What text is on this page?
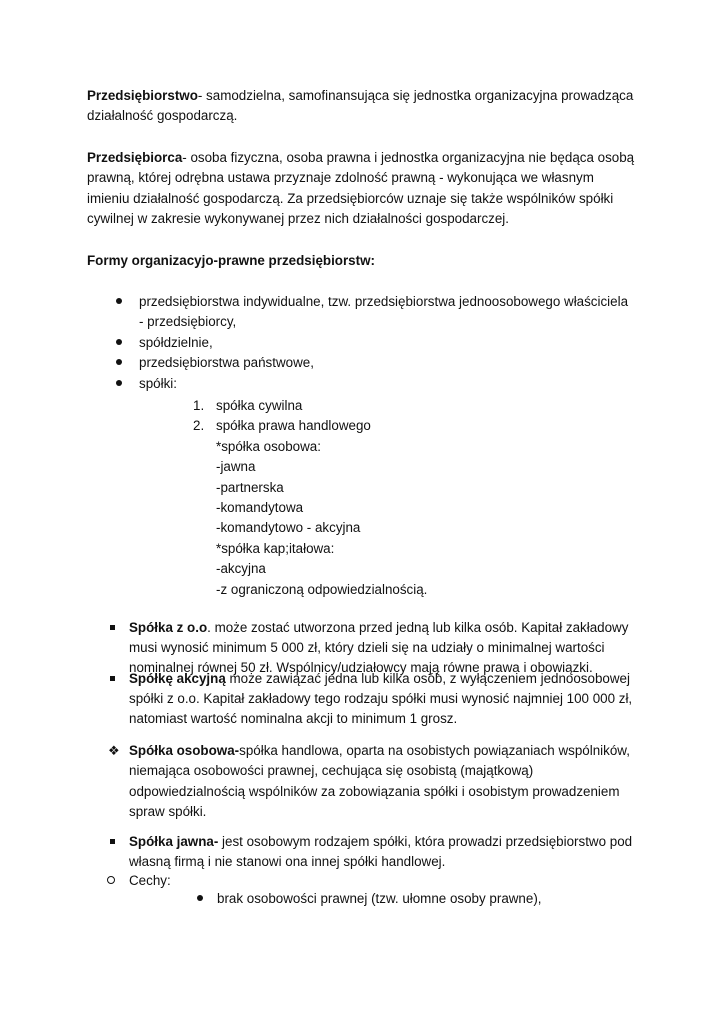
Przedsiębiorstwo- samodzielna, samofinansująca się jednostka organizacyjna prowadząca
działalność gospodarczą.
Przedsiębiorca- osoba fizyczna, osoba prawna i jednostka organizacyjna nie będąca osobą
prawną, której odrębna ustawa przyznaje zdolność prawną - wykonująca we własnym
imieniu działalność gospodarczą. Za przedsiębiorców uznaje się także wspólników spółki
cywilnej w zakresie wykonywanej przez nich działalności gospodarczej.
Formy organizacyjo-prawne przedsiębiorstw:
przedsiębiorstwa indywidualne, tzw. przedsiębiorstwa jednoosobowego właściciela
- przedsiębiorcy,
spółdzielnie,
przedsiębiorstwa państwowe,
spółki:
1. spółka cywilna
2. spółka prawa handlowego
*spółka osobowa:
-jawna
-partnerska
-komandytowa
-komandytowo - akcyjna
*spółka kap;itałowa:
-akcyjna
-z ograniczoną odpowiedzialnością.
Spółka z o.o. może zostać utworzona przed jedną lub kilka osób. Kapitał zakładowy
musi wynosić minimum 5 000 zł, który dzieli się na udziały o minimalnej wartości
nominalnej równej 50 zł. Wspólnicy/udziałowcy mają równe prawa i obowiązki.
Spółkę akcyjną może zawiązać jedna lub kilka osób, z wyłączeniem jednoosobowej
spółki z o.o. Kapitał zakładowy tego rodzaju spółki musi wynosić najmniej 100 000 zł,
natomiast wartość nominalna akcji to minimum 1 grosz.
❖ Spółka osobowa-spółka handlowa, oparta na osobistych powiązaniach wspólników,
niemająca osobowości prawnej, cechująca się osobistą (majątkową)
odpowiedzialnością wspólników za zobowiązania spółki i osobistym prowadzeniem
spraw spółki.
Spółka jawna- jest osobowym rodzajem spółki, która prowadzi przedsiębiorstwo pod
własną firmą i nie stanowi ona innej spółki handlowej.
Cechy:
brak osobowości prawnej (tzw. ułomne osoby prawne),
